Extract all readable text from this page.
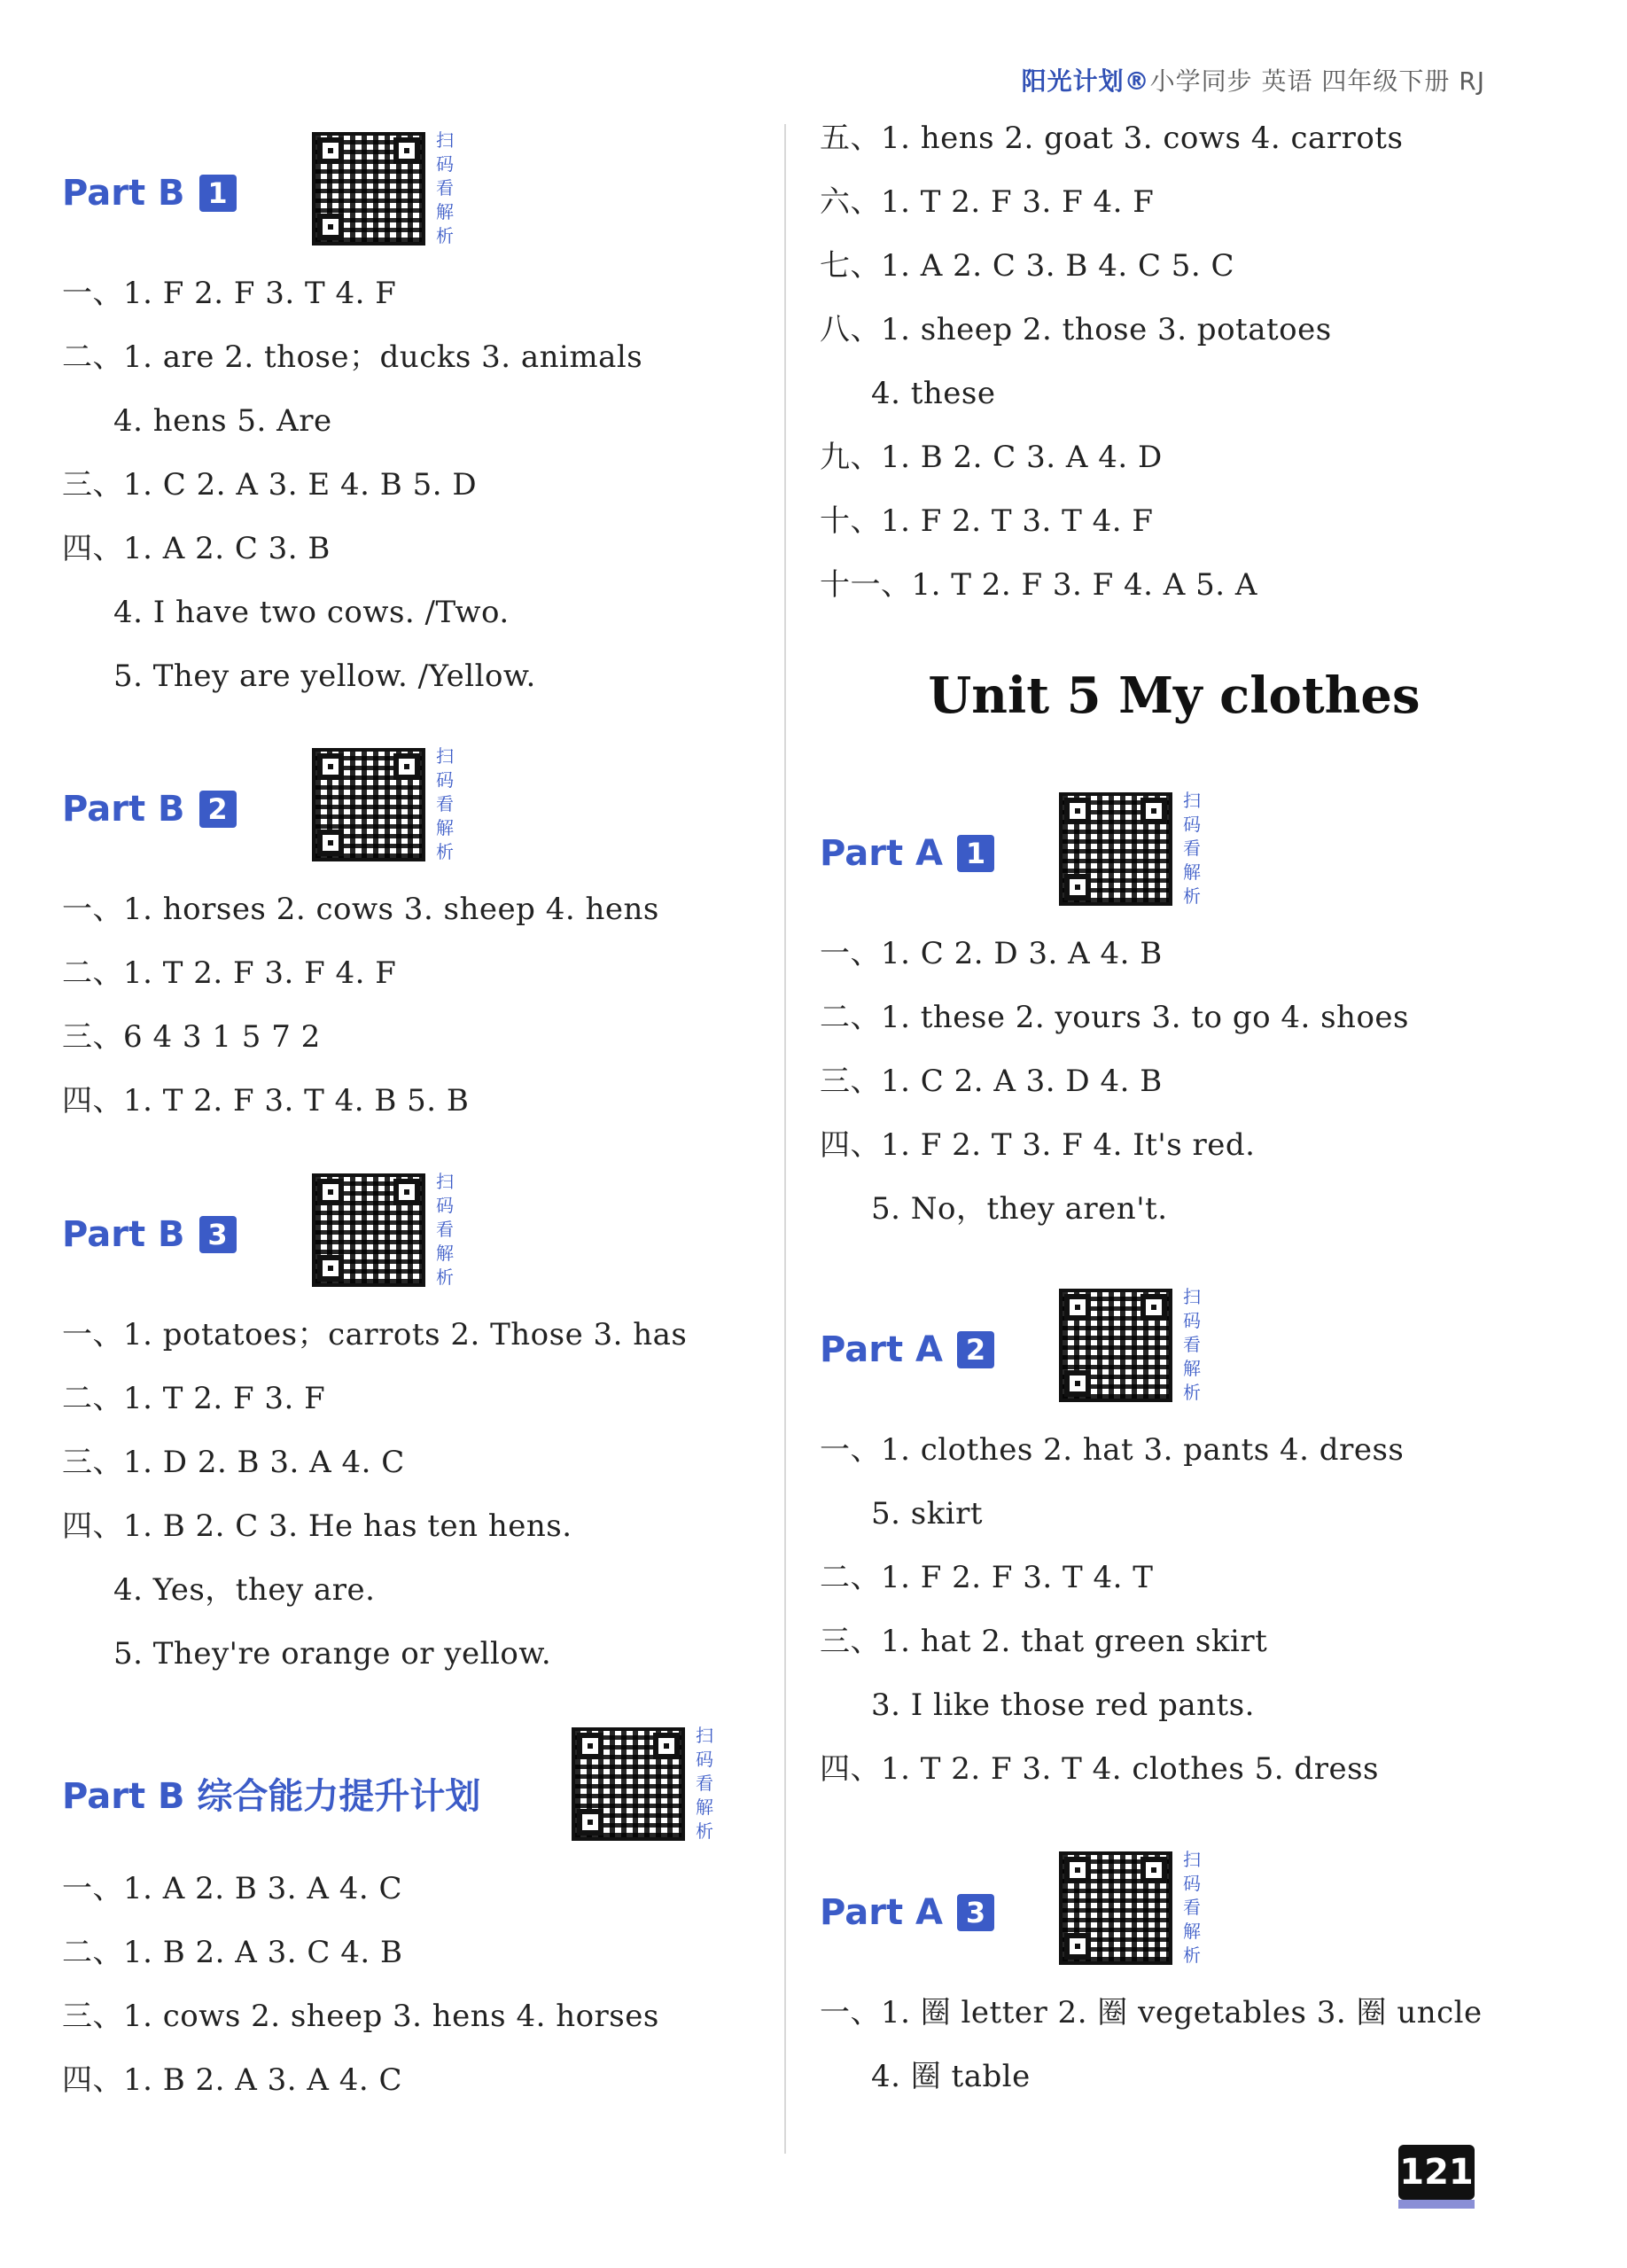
阳光计划®小学同步 英语 四年级下册 RJ
Part B 1
扫码看解析
一、1. F 2. F 3. T 4. F
二、1. are 2. those；ducks 3. animals
4. hens 5. Are
三、1. C 2. A 3. E 4. B 5. D
四、1. A 2. C 3. B
4. I have two cows. /Two.
5. They are yellow. /Yellow.
Part B 2
扫码看解析
一、1. horses 2. cows 3. sheep 4. hens
二、1. T 2. F 3. F 4. F
三、6 4 3 1 5 7 2
四、1. T 2. F 3. T 4. B 5. B
Part B 3
扫码看解析
一、1. potatoes；carrots 2. Those 3. has
二、1. T 2. F 3. F
三、1. D 2. B 3. A 4. C
四、1. B 2. C 3. He has ten hens.
4. Yes，they are.
5. They're orange or yellow.
Part B 综合能力提升计划
扫码看解析
一、1. A 2. B 3. A 4. C
二、1. B 2. A 3. C 4. B
三、1. cows 2. sheep 3. hens 4. horses
四、1. B 2. A 3. A 4. C
五、1. hens 2. goat 3. cows 4. carrots
六、1. T 2. F 3. F 4. F
七、1. A 2. C 3. B 4. C 5. C
八、1. sheep 2. those 3. potatoes
4. these
九、1. B 2. C 3. A 4. D
十、1. F 2. T 3. T 4. F
十一、1. T 2. F 3. F 4. A 5. A
Unit 5 My clothes
Part A 1
扫码看解析
一、1. C 2. D 3. A 4. B
二、1. these 2. yours 3. to go 4. shoes
三、1. C 2. A 3. D 4. B
四、1. F 2. T 3. F 4. It's red.
5. No，they aren't.
Part A 2
扫码看解析
一、1. clothes 2. hat 3. pants 4. dress
5. skirt
二、1. F 2. F 3. T 4. T
三、1. hat 2. that green skirt
3. I like those red pants.
四、1. T 2. F 3. T 4. clothes 5. dress
Part A 3
扫码看解析
一、1. 圈 letter 2. 圈 vegetables 3. 圈 uncle
4. 圈 table
121
